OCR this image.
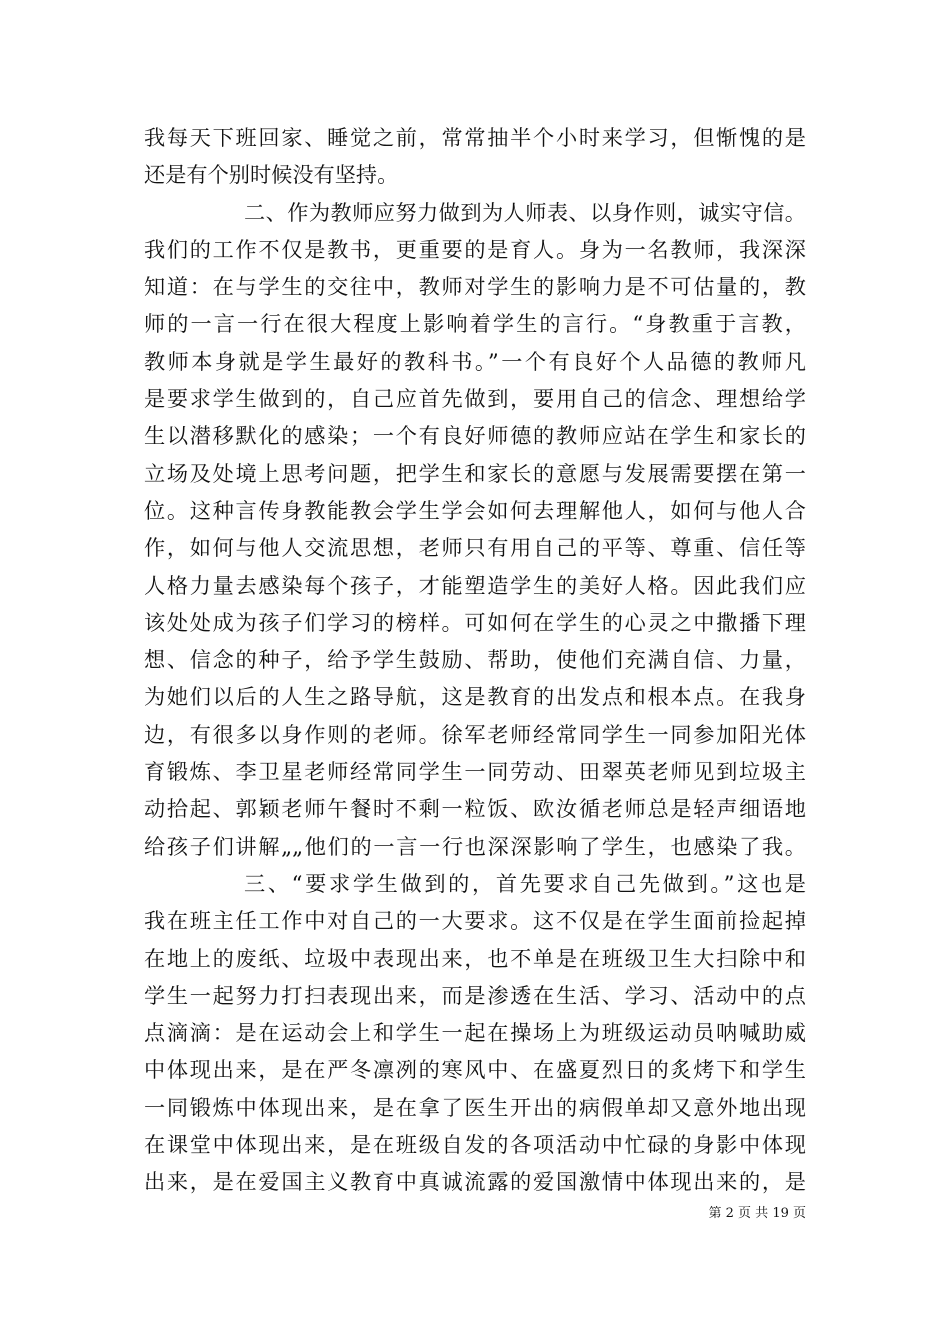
我每天下班回家、睡觉之前，常常抽半个小时来学习，但惭愧的是
还是有个别时候没有坚持。
二、作为教师应努力做到为人师表、以身作则，诚实守信。
我们的工作不仅是教书，更重要的是育人。身为一名教师，我深深
知道：在与学生的交往中，教师对学生的影响力是不可估量的，教
师的一言一行在很大程度上影响着学生的言行。“身教重于言教，
教师本身就是学生最好的教科书。”一个有良好个人品德的教师凡
是要求学生做到的，自己应首先做到，要用自己的信念、理想给学
生以潜移默化的感染；一个有良好师德的教师应站在学生和家长的
立场及处境上思考问题，把学生和家长的意愿与发展需要摆在第一
位。这种言传身教能教会学生学会如何去理解他人，如何与他人合
作，如何与他人交流思想，老师只有用自己的平等、尊重、信任等
人格力量去感染每个孩子，才能塑造学生的美好人格。因此我们应
该处处成为孩子们学习的榜样。可如何在学生的心灵之中撒播下理
想、信念的种子，给予学生鼓励、帮助，使他们充满自信、力量，
为她们以后的人生之路导航，这是教育的出发点和根本点。在我身
边，有很多以身作则的老师。徐军老师经常同学生一同参加阳光体
育锻炼、李卫星老师经常同学生一同劳动、田翠英老师见到垃圾主
动拾起、郭颖老师午餐时不剩一粒饭、欧汝循老师总是轻声细语地
给孩子们讲解„„他们的一言一行也深深影响了学生，也感染了我。
三、“要求学生做到的，首先要求自己先做到。”这也是
我在班主任工作中对自己的一大要求。这不仅是在学生面前捡起掉
在地上的废纸、垃圾中表现出来，也不单是在班级卫生大扫除中和
学生一起努力打扫表现出来，而是渗透在生活、学习、活动中的点
点滴滴：是在运动会上和学生一起在操场上为班级运动员呐喊助威
中体现出来，是在严冬凛冽的寒风中、在盛夏烈日的炙烤下和学生
一同锻炼中体现出来，是在拿了医生开出的病假单却又意外地出现
在课堂中体现出来，是在班级自发的各项活动中忙碌的身影中体现
出来，是在爱国主义教育中真诚流露的爱国激情中体现出来的，是
第 2 页 共 19 页
